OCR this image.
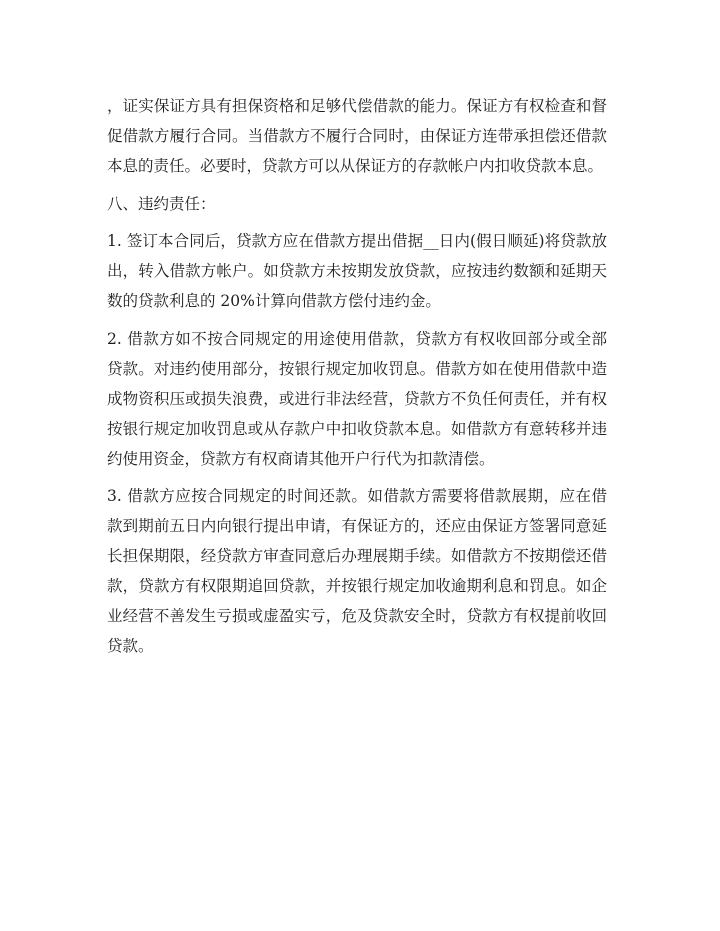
，证实保证方具有担保资格和足够代偿借款的能力。保证方有权检查和督促借款方履行合同。当借款方不履行合同时，由保证方连带承担偿还借款本息的责任。必要时，贷款方可以从保证方的存款帐户内扣收贷款本息。

八、违约责任：

1. 签订本合同后，贷款方应在借款方提出借据__日内(假日顺延)将贷款放出，转入借款方帐户。如贷款方未按期发放贷款，应按违约数额和延期天数的贷款利息的 20%计算向借款方偿付违约金。

2. 借款方如不按合同规定的用途使用借款，贷款方有权收回部分或全部贷款。对违约使用部分，按银行规定加收罚息。借款方如在使用借款中造成物资积压或损失浪费，或进行非法经营，贷款方不负任何责任，并有权按银行规定加收罚息或从存款户中扣收贷款本息。如借款方有意转移并违约使用资金，贷款方有权商请其他开户行代为扣款清偿。

3. 借款方应按合同规定的时间还款。如借款方需要将借款展期，应在借款到期前五日内向银行提出申请，有保证方的，还应由保证方签署同意延长担保期限，经贷款方审查同意后办理展期手续。如借款方不按期偿还借款，贷款方有权限期追回贷款，并按银行规定加收逾期利息和罚息。如企业经营不善发生亏损或虚盈实亏，危及贷款安全时，贷款方有权提前收回贷款。
